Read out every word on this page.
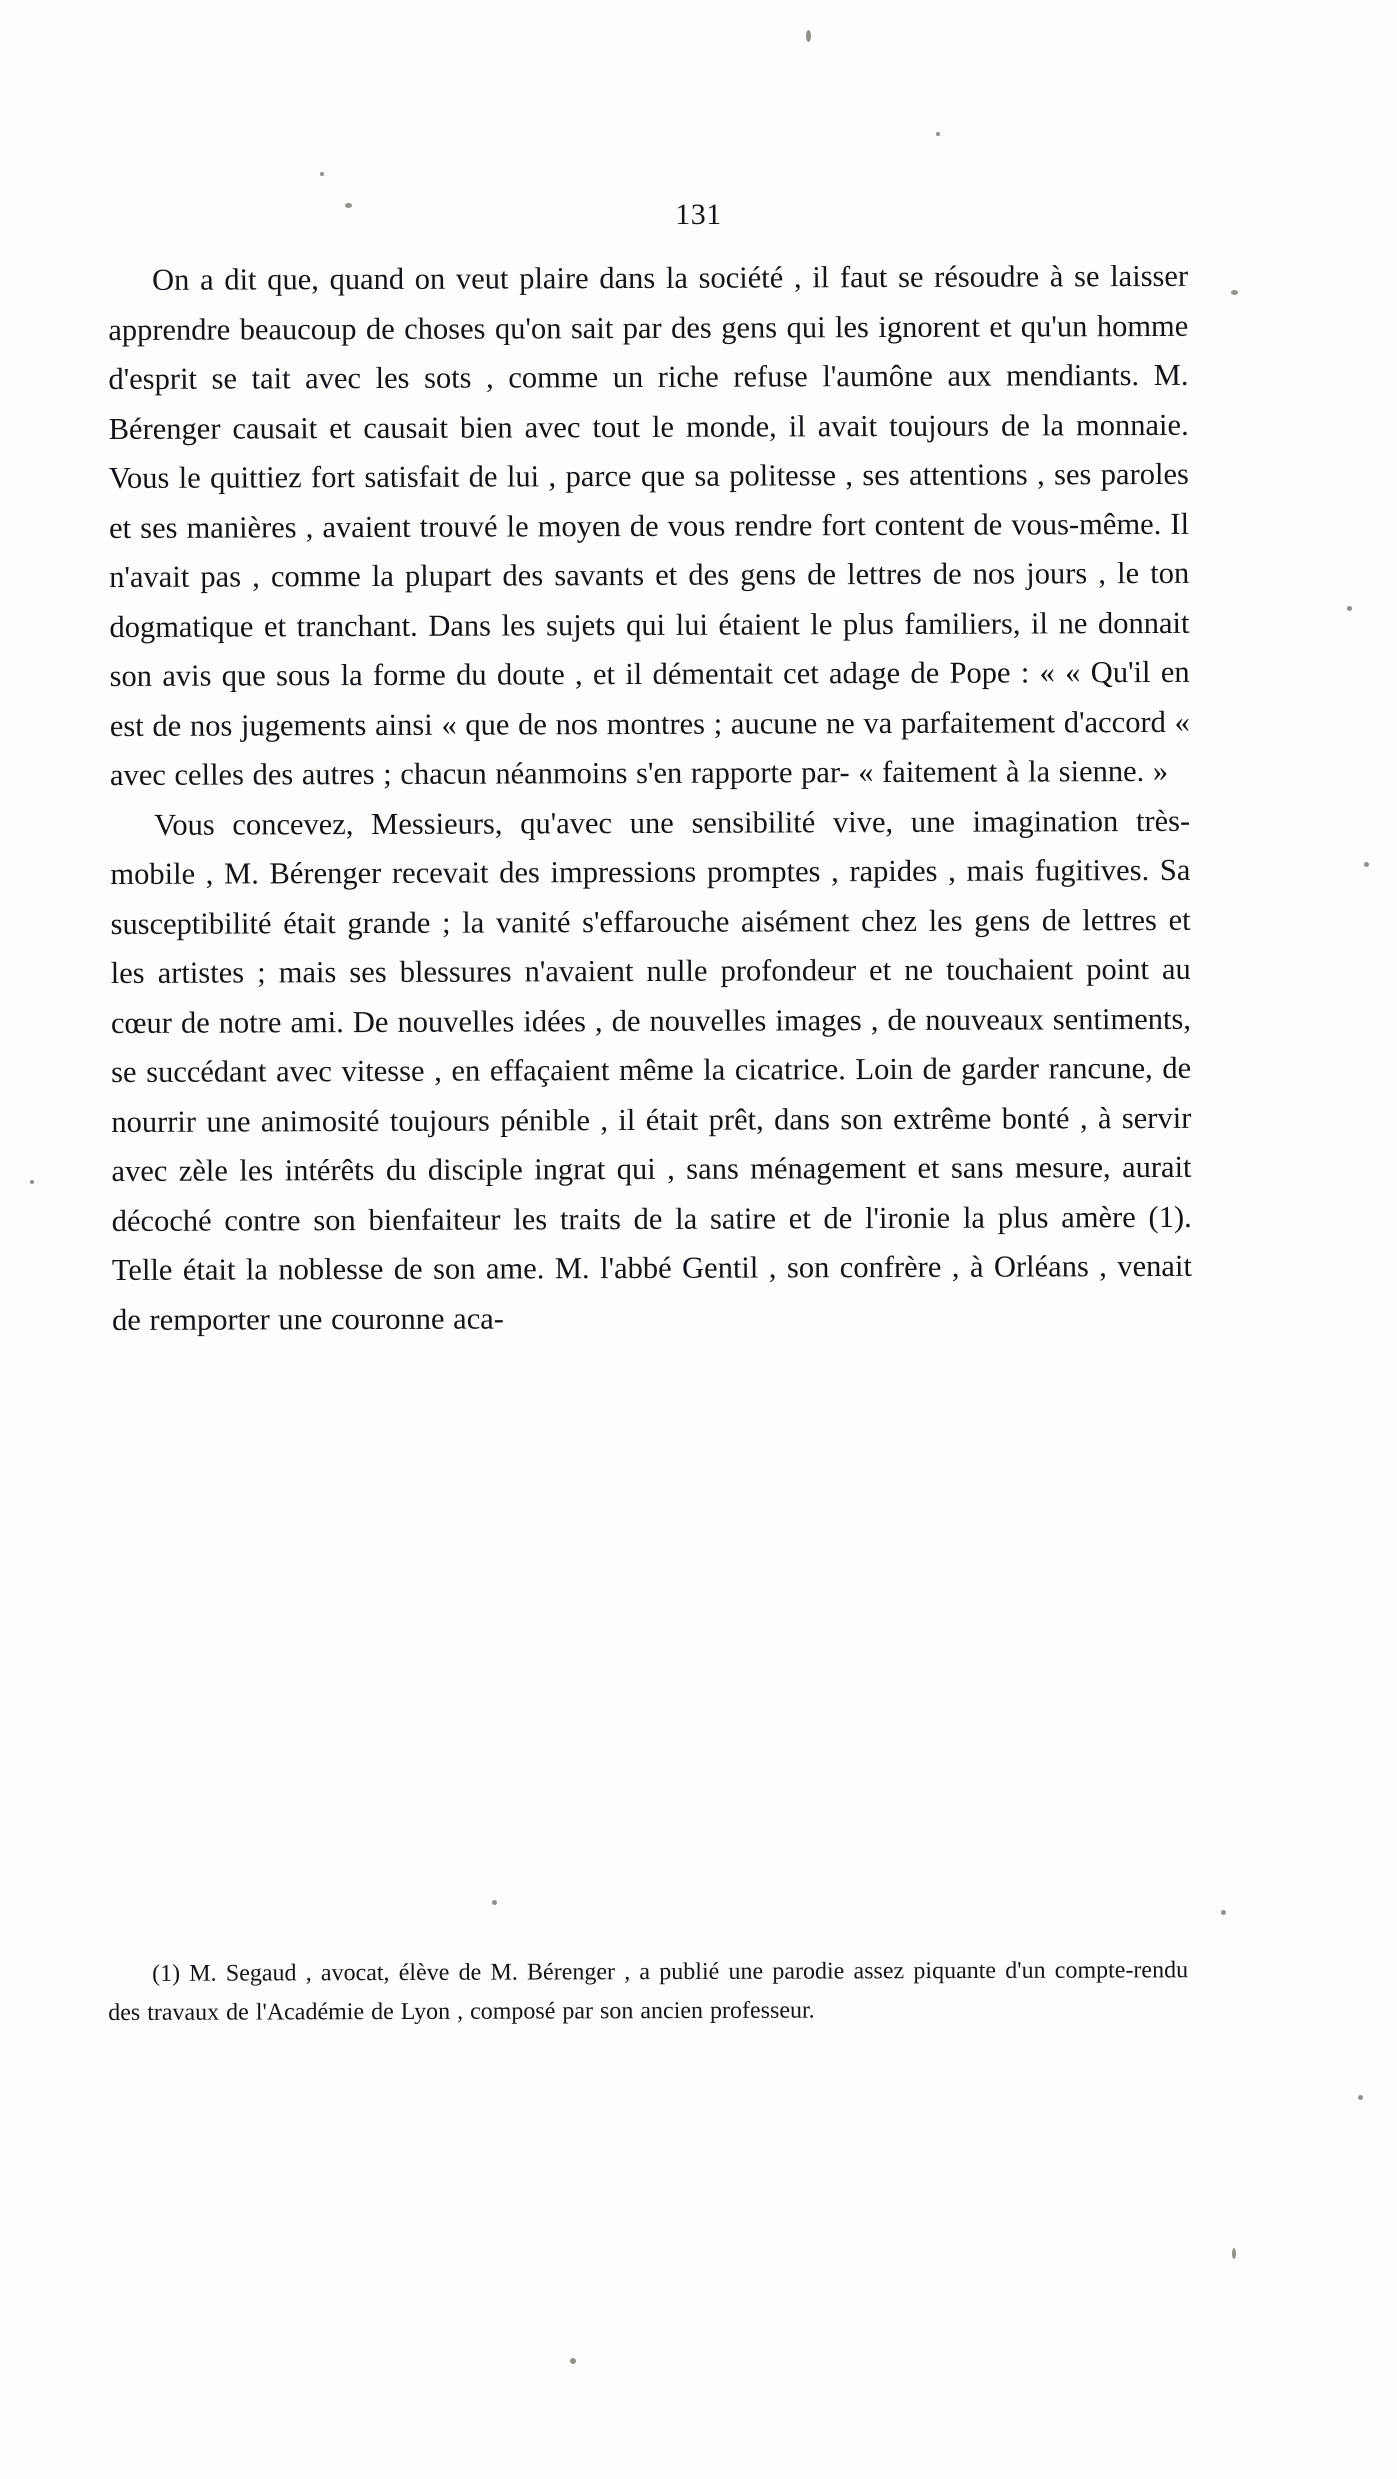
131

On a dit que, quand on veut plaire dans la société , il faut se résoudre à se laisser apprendre beaucoup de choses qu'on sait par des gens qui les ignorent et qu'un homme d'esprit se tait avec les sots , comme un riche refuse l'aumône aux mendiants. M. Bérenger causait et causait bien avec tout le monde, il avait toujours de la monnaie. Vous le quittiez fort satisfait de lui , parce que sa politesse , ses attentions , ses paroles et ses manières , avaient trouvé le moyen de vous rendre fort content de vous-même. Il n'avait pas , comme la plupart des savants et des gens de lettres de nos jours , le ton dogmatique et tranchant. Dans les sujets qui lui étaient le plus familiers, il ne donnait son avis que sous la forme du doute , et il démentait cet adage de Pope : « « Qu'il en est de nos jugements ainsi « que de nos montres ; aucune ne va parfaitement d'accord « avec celles des autres ; chacun néanmoins s'en rapporte par- « faitement à la sienne. »

Vous concevez, Messieurs, qu'avec une sensibilité vive, une imagination très-mobile , M. Bérenger recevait des impressions promptes , rapides , mais fugitives. Sa susceptibilité était grande ; la vanité s'effarouche aisément chez les gens de lettres et les artistes ; mais ses blessures n'avaient nulle profondeur et ne touchaient point au cœur de notre ami. De nouvelles idées , de nouvelles images , de nouveaux sentiments, se succédant avec vitesse , en effaçaient même la cicatrice. Loin de garder rancune, de nourrir une animosité toujours pénible , il était prêt, dans son extrême bonté , à servir avec zèle les intérêts du disciple ingrat qui , sans ménagement et sans mesure, aurait décoché contre son bienfaiteur les traits de la satire et de l'ironie la plus amère (1). Telle était la noblesse de son ame. M. l'abbé Gentil , son confrère , à Orléans , venait de remporter une couronne aca-

(1) M. Segaud , avocat, élève de M. Bérenger , a publié une parodie assez piquante d'un compte-rendu des travaux de l'Académie de Lyon , composé par son ancien professeur.
